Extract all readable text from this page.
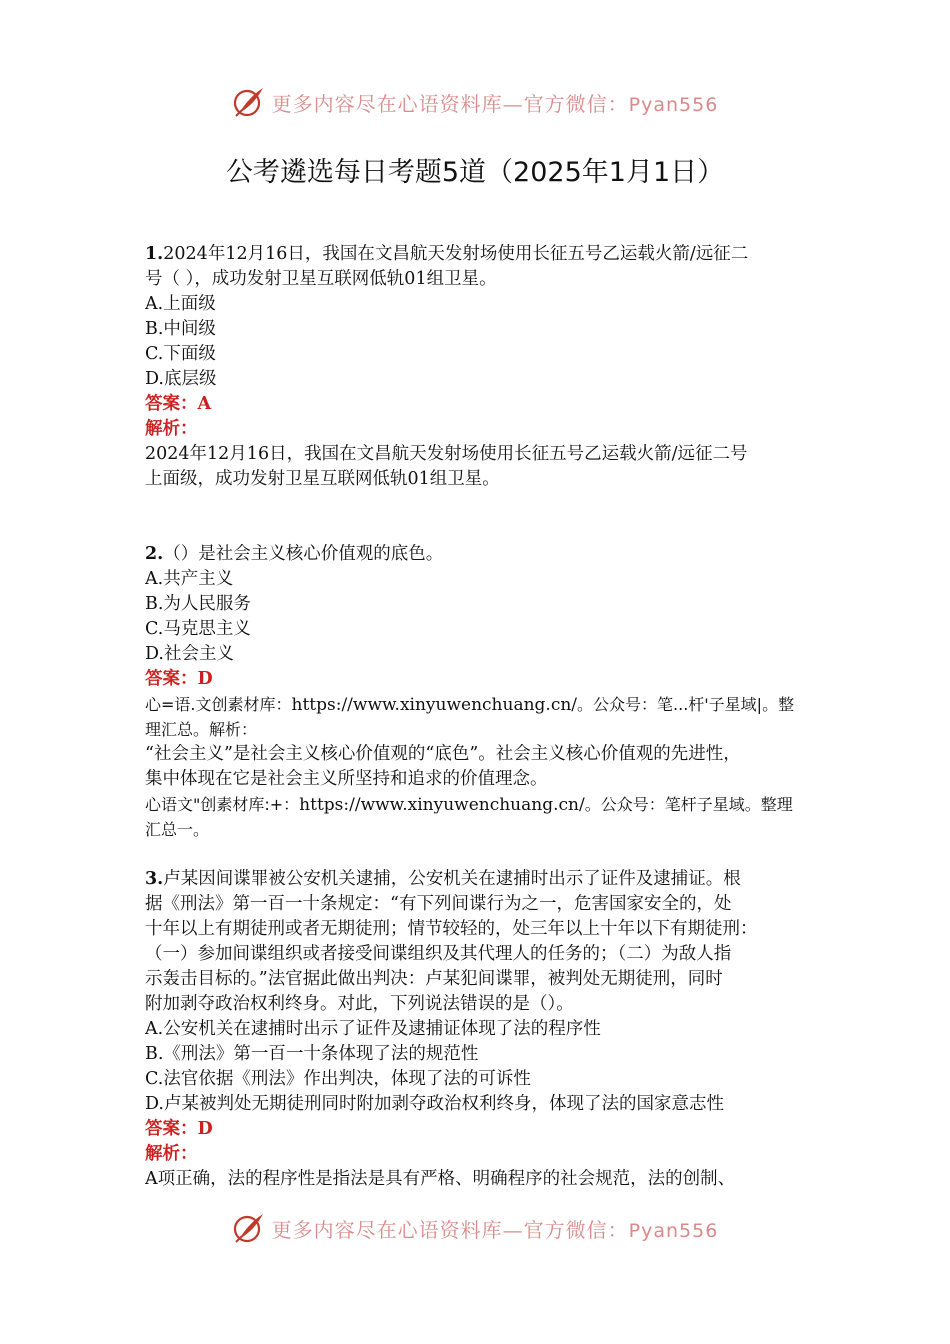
更多内容尽在心语资料库—官方微信：Pyan556
公考遴选每日考题5道（2025年1月1日）
1.2024年12月16日，我国在文昌航天发射场使用长征五号乙运载火箭/远征二
号（ ），成功发射卫星互联网低轨01组卫星。
A.上面级
B.中间级
C.下面级
D.底层级
答案：A
解析：
2024年12月16日，我国在文昌航天发射场使用长征五号乙运载火箭/远征二号
上面级，成功发射卫星互联网低轨01组卫星。
2.（）是社会主义核心价值观的底色。
A.共产主义
B.为人民服务
C.马克思主义
D.社会主义
答案：D
心=语.文创素材库：https://www.xinyuwenchuang.cn/。公众号：笔...杆'子星域|。整
理汇总。解析：
“社会主义”是社会主义核心价值观的“底色”。社会主义核心价值观的先进性，
集中体现在它是社会主义所坚持和追求的价值理念。
心语文"创素材库:+：https://www.xinyuwenchuang.cn/。公众号：笔杆子星域。整理
汇总一。
3.卢某因间谍罪被公安机关逮捕，公安机关在逮捕时出示了证件及逮捕证。根
据《刑法》第一百一十条规定：“有下列间谍行为之一，危害国家安全的，处
十年以上有期徒刑或者无期徒刑；情节较轻的，处三年以上十年以下有期徒刑：
（一）参加间谍组织或者接受间谍组织及其代理人的任务的；（二）为敌人指
示轰击目标的。”法官据此做出判决：卢某犯间谍罪，被判处无期徒刑，同时
附加剥夺政治权利终身。对此，下列说法错误的是（）。
A.公安机关在逮捕时出示了证件及逮捕证体现了法的程序性
B.《刑法》第一百一十条体现了法的规范性
C.法官依据《刑法》作出判决，体现了法的可诉性
D.卢某被判处无期徒刑同时附加剥夺政治权利终身，体现了法的国家意志性
答案：D
解析：
A项正确，法的程序性是指法是具有严格、明确程序的社会规范，法的创制、
更多内容尽在心语资料库—官方微信：Pyan556
